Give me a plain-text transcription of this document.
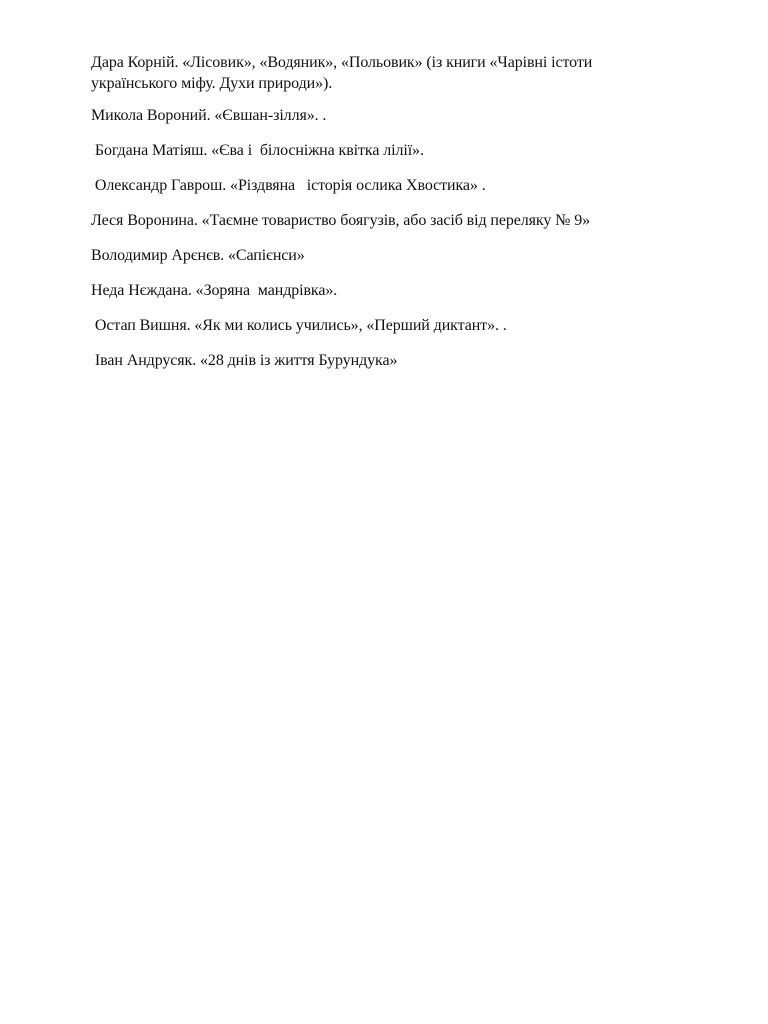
Дара Корній. «Лісовик», «Водяник», «Польовик» (із книги «Чарівні істоти українського міфу. Духи природи»).
Микола Вороний. «Євшан-зілля». .
Богдана Матіяш. «Єва і  білосніжна квітка лілії».
Олександр Гаврош. «Різдвяна   історія ослика Хвостика» .
Леся Воронина. «Таємне товариство боягузів, або засіб від переляку № 9»
Володимир Арєнєв. «Сапієнси»
Неда Нєждана. «Зоряна  мандрівка».
Остап Вишня. «Як ми колись учились», «Перший диктант». .
Іван Андрусяк. «28 днів із життя Бурундука»
